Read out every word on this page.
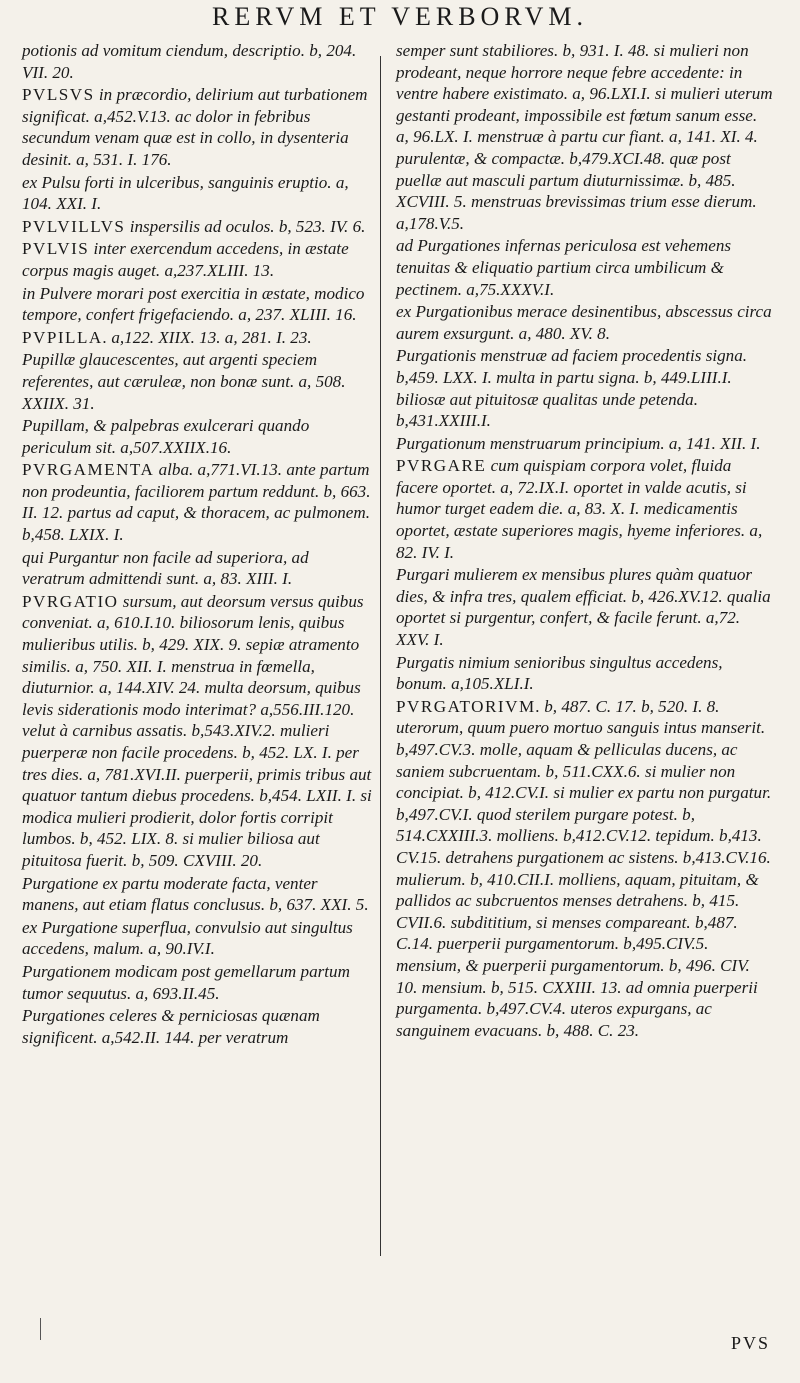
RERVM ET VERBORVM.
potionis ad vomitum ciendum, descriptio. b, 204. VII. 20.
PVLSVS in præcordio, delirium aut turbationem significat. a,452.V.13. ac dolor in febribus secundum venam quæ est in collo, in dysenteria desinit. a, 531. I. 176.
ex Pulsu forti in ulceribus, sanguinis eruptio. a, 104. XXI. I.
PVLVILLVS inspersilis ad oculos. b, 523. IV. 6.
PVLVIS inter exercendum accedens, in æstate corpus magis auget. a,237.XLIII. 13.
in Pulvere morari post exercitia in æstate, modico tempore, confert frigefaciendo. a, 237. XLIII. 16.
PVPILLA. a,122. XIIX. 13. a, 281. I. 23.
Pupillæ glaucescentes, aut argenti speciem referentes, aut cæruleæ, non bonæ sunt. a, 508. XXIIX. 31.
Pupillam, & palpebras exulcerari quando periculum sit. a,507.XXIIX.16.
PVRGAMENTA alba. a,771.VI.13. ante partum non prodeuntia, faciliorem partum reddunt. b, 663. II. 12. partus ad caput, & thoracem, ac pulmonem. b,458. LXIX. I.
qui Purgantur non facile ad superiora, ad veratrum admittendi sunt. a, 83. XIII. I.
PVRGATIO sursum, aut deorsum versus quibus conveniat. a, 610.I.10. biliosorum lenis, quibus mulieribus utilis. b, 429. XIX. 9. sepiæ atramento similis. a, 750. XII. I. menstrua in fœmella, diuturnior. a, 144.XIV. 24. multa deorsum, quibus levis siderationis modo interimat? a,556.III.120. velut à carnibus assatis. b,543.XIV.2. mulieri puerperæ non facile procedens. b, 452. LX. I. per tres dies. a, 781.XVI.II. puerperii, primis tribus aut quatuor tantum diebus procedens. b,454. LXII. I. si modica mulieri prodierit, dolor fortis corripit lumbos. b, 452. LIX. 8. si mulier biliosa aut pituitosa fuerit. b, 509. CXVIII. 20.
Purgatione ex partu moderate facta, venter manens, aut etiam flatus conclusus. b, 637. XXI. 5.
ex Purgatione superflua, convulsio aut singultus accedens, malum. a, 90.IV.I.
Purgationem modicam post gemellarum partum tumor sequutus. a, 693.II.45.
Purgationes celeres & perniciosas quænam significent. a,542.II. 144. per veratrum
semper sunt stabiliores. b, 931. I. 48. si mulieri non prodeant, neque horrore neque febre accedente: in ventre habere existimato. a, 96.LXI.I. si mulieri uterum gestanti prodeant, impossibile est fœtum sanum esse. a, 96.LX. I. menstruæ à partu cur fiant. a, 141. XI. 4. purulentæ, & compactæ. b,479.XCI.48. quæ post puellæ aut masculi partum diuturnissimæ. b, 485. XCVIII. 5. menstruas brevissimas trium esse dierum. a,178.V.5.
ad Purgationes infernas periculosa est vehemens tenuitas & eliquatio partium circa umbilicum & pectinem. a,75.XXXV.I.
ex Purgationibus merace desinentibus, abscessus circa aurem exsurgunt. a, 480. XV. 8.
Purgationis menstruæ ad faciem procedentis signa. b,459. LXX. I. multa in partu signa. b, 449.LIII.I. biliosæ aut pituitosæ qualitas unde petenda. b,431.XXIII.I.
Purgationum menstruarum principium. a, 141. XII. I.
PVRGARE cum quispiam corpora volet, fluida facere oportet. a, 72.IX.I. oportet in valde acutis, si humor turget eadem die. a, 83. X. I. medicamentis oportet, æstate superiores magis, hyeme inferiores. a, 82. IV. I.
Purgari mulierem ex mensibus plures quàm quatuor dies, & infra tres, qualem efficiat. b, 426.XV.12. qualia oportet si purgentur, confert, & facile ferunt. a,72. XXV. I.
Purgatis nimium senioribus singultus accedens, bonum. a,105.XLI.I.
PVRGATORIVM. b, 487. C. 17. b, 520. I. 8. uterorum, quum puero mortuo sanguis intus manserit. b,497.CV.3. molle, aquam & pelliculas ducens, ac saniem subcruentam. b, 511.CXX.6. si mulier non concipiat. b, 412.CV.I. si mulier ex partu non purgatur. b,497.CV.I. quod sterilem purgare potest. b, 514.CXXIII.3. molliens. b,412.CV.12. tepidum. b,413. CV.15. detrahens purgationem ac sistens. b,413.CV.16. mulierum. b, 410.CII.I. molliens, aquam, pituitam, & pallidos ac subcruentos menses detrahens. b, 415. CVII.6. subdititium, si menses compareant. b,487. C.14. puerperii purgamentorum. b,495.CIV.5. mensium, & puerperii purgamentorum. b, 496. CIV. 10. mensium. b, 515. CXXIII. 13. ad omnia puerperii purgamenta. b,497.CV.4. uteros expurgans, ac sanguinem evacuans. b, 488. C. 23.
PVS
